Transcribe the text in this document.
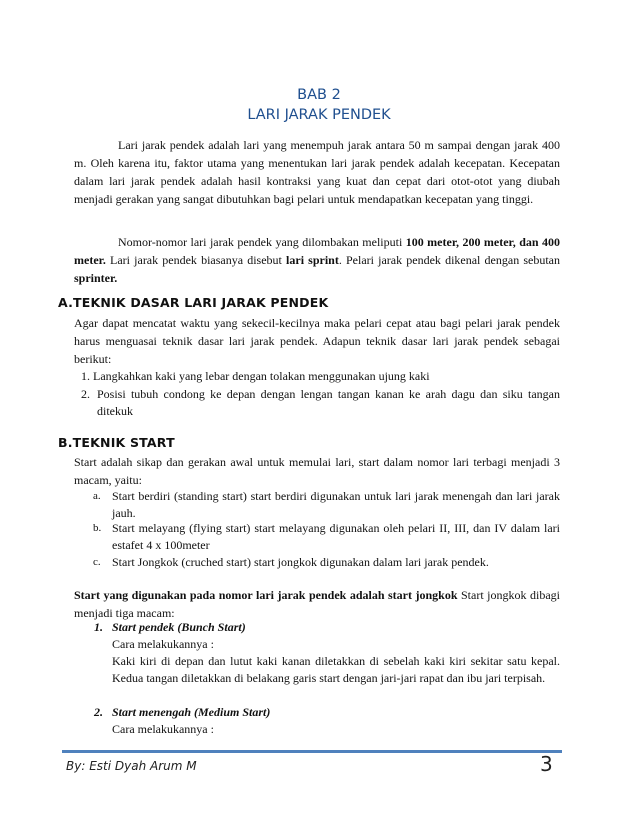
BAB 2
LARI JARAK PENDEK
Lari jarak pendek adalah lari yang menempuh jarak antara 50 m sampai dengan jarak 400 m. Oleh karena itu, faktor utama yang menentukan lari jarak pendek adalah kecepatan. Kecepatan dalam lari jarak pendek adalah hasil kontraksi yang kuat dan cepat dari otot-otot yang diubah menjadi gerakan yang sangat dibutuhkan bagi pelari untuk mendapatkan kecepatan yang tinggi.
Nomor-nomor lari jarak pendek yang dilombakan meliputi 100 meter, 200 meter, dan 400 meter. Lari jarak pendek biasanya disebut lari sprint. Pelari jarak pendek dikenal dengan sebutan sprinter.
A.TEKNIK DASAR LARI JARAK PENDEK
Agar dapat mencatat waktu yang sekecil-kecilnya maka pelari cepat atau bagi pelari jarak pendek harus menguasai teknik dasar lari jarak pendek. Adapun teknik dasar lari jarak pendek sebagai berikut:
1. Langkahkan kaki yang lebar dengan tolakan menggunakan ujung kaki
2. Posisi tubuh condong ke depan dengan lengan tangan kanan ke arah dagu dan siku tangan ditekuk
B.TEKNIK START
Start adalah sikap dan gerakan awal untuk memulai lari, start dalam nomor lari terbagi menjadi 3 macam, yaitu:
a. Start berdiri (standing start) start berdiri digunakan untuk lari jarak menengah dan lari jarak jauh.
b. Start melayang (flying start) start melayang digunakan oleh pelari II, III, dan IV dalam lari estafet 4 x 100meter
c. Start Jongkok (cruched start) start jongkok digunakan dalam lari jarak pendek.
Start yang digunakan pada nomor lari jarak pendek adalah start jongkok Start jongkok dibagi menjadi tiga macam:
1. Start pendek (Bunch Start)
Cara melakukannya :
Kaki kiri di depan dan lutut kaki kanan diletakkan di sebelah kaki kiri sekitar satu kepal. Kedua tangan diletakkan di belakang garis start dengan jari-jari rapat dan ibu jari terpisah.
2. Start menengah (Medium Start)
Cara melakukannya :
By: Esti Dyah Arum M	3
